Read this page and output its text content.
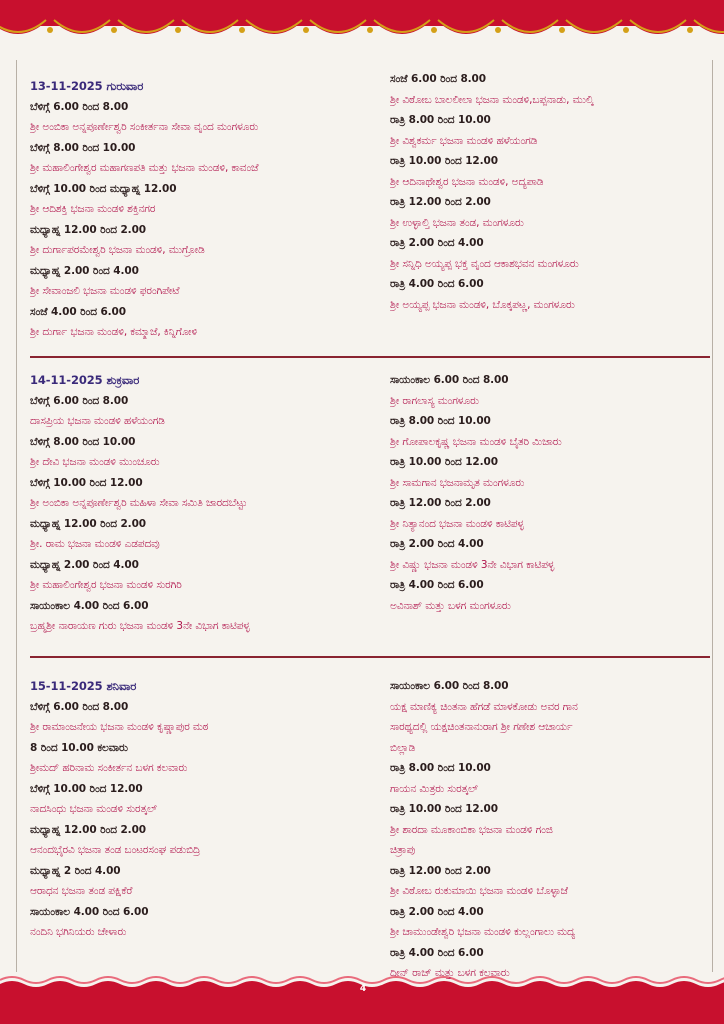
4
13-11-2025 ಗುರುವಾರ
ಬೆಳಿಗ್ಗೆ 6.00 ರಿಂದ 8.00
ಶ್ರೀ ಅಂಬಿಕಾ ಅನ್ನಪೂರ್ಣೇಶ್ವರಿ ಸಂಕೀರ್ತನಾ ಸೇವಾ ವೃಂದ ಮಂಗಳೂರು
ಬೆಳಿಗ್ಗೆ 8.00 ರಿಂದ 10.00
ಶ್ರೀ ಮಹಾಲಿಂಗೇಶ್ವರ ಮಹಾಗಣಪತಿ ಮತ್ತು ಭಜನಾ ಮಂಡಳಿ, ಕಾವಂಜೆ
ಬೆಳಿಗ್ಗೆ 10.00 ರಿಂದ ಮಧ್ಯಾಹ್ನ 12.00
ಶ್ರೀ ಆದಿಶಕ್ತಿ ಭಜನಾ ಮಂಡಳಿ ಶಕ್ತಿನಗರ
ಮಧ್ಯಾಹ್ನ 12.00 ರಿಂದ 2.00
ಶ್ರೀ ದುರ್ಗಾಪರಮೇಶ್ವರಿ ಭಜನಾ ಮಂಡಳಿ, ಮುಗ್ರೋಡಿ
ಮಧ್ಯಾಹ್ನ 2.00 ರಿಂದ 4.00
ಶ್ರೀ ಸೇವಾಂಜಲಿ ಭಜನಾ ಮಂಡಳಿ ಫರಂಗಿಪೇಟೆ
ಸಂಜೆ 4.00 ರಿಂದ 6.00
ಶ್ರೀ ದುರ್ಗಾ ಭಜನಾ ಮಂಡಳಿ, ಕಮ್ಮಾಜೆ, ಕಿನ್ನಿಗೋಳಿ
ಸಂಜೆ 6.00 ರಿಂದ 8.00
ಶ್ರೀ ವಿಠೋಬ ಬಾಲಲೀಲಾ ಭಜನಾ ಮಂಡಳಿ,ಬಪ್ಪನಾಡು, ಮುಲ್ಕಿ
ರಾತ್ರಿ 8.00 ರಿಂದ 10.00
ಶ್ರೀ ವಿಶ್ವಕರ್ಮ ಭಜನಾ ಮಂಡಳಿ ಹಳೆಯಂಗಡಿ
ರಾತ್ರಿ 10.00 ರಿಂದ 12.00
ಶ್ರೀ ಆದಿನಾಥೇಶ್ವರ ಭಜನಾ ಮಂಡಳಿ, ಅದ್ಯಪಾಡಿ
ರಾತ್ರಿ 12.00 ರಿಂದ 2.00
ಶ್ರೀ ಉಳ್ಳಾಲ್ತಿ ಭಜನಾ ತಂಡ, ಮಂಗಳೂರು
ರಾತ್ರಿ 2.00 ರಿಂದ 4.00
ಶ್ರೀ ಸನ್ನಿಧಿ ಅಯ್ಯಪ್ಪ ಭಕ್ತ ವೃಂದ ಆಕಾಶಭವನ ಮಂಗಳೂರು
ರಾತ್ರಿ 4.00 ರಿಂದ 6.00
ಶ್ರೀ ಅಯ್ಯಪ್ಪ ಭಜನಾ ಮಂಡಳಿ, ಬೊಕ್ಕಪಟ್ಣ, ಮಂಗಳೂರು
14-11-2025 ಶುಕ್ರವಾರ
ಬೆಳಿಗ್ಗೆ 6.00 ರಿಂದ 8.00
ದಾಸಪ್ರಿಯ ಭಜನಾ ಮಂಡಳಿ ಹಳೆಯಂಗಡಿ
ಬೆಳಿಗ್ಗೆ 8.00 ರಿಂದ 10.00
ಶ್ರೀ ದೇವಿ ಭಜನಾ ಮಂಡಳಿ ಮುಂಚೂರು
ಬೆಳಿಗ್ಗೆ 10.00 ರಿಂದ 12.00
ಶ್ರೀ ಅಂಬಿಕಾ ಅನ್ನಪೂರ್ಣೇಶ್ವರಿ ಮಹಿಳಾ ಸೇವಾ ಸಮಿತಿ ಜಾರದಬೆಟ್ಟು
ಮಧ್ಯಾಹ್ನ 12.00 ರಿಂದ 2.00
ಶ್ರೀ. ರಾಮ ಭಜನಾ ಮಂಡಳಿ ಎಡಪದವು
ಮಧ್ಯಾಹ್ನ 2.00 ರಿಂದ 4.00
ಶ್ರೀ ಮಹಾಲಿಂಗೇಶ್ವರ ಭಜನಾ ಮಂಡಳಿ ಸುರಗಿರಿ
ಸಾಯಂಕಾಲ 4.00 ರಿಂದ 6.00
ಬ್ರಹ್ಮಶ್ರೀ ನಾರಾಯಣ ಗುರು ಭಜನಾ ಮಂಡಳಿ 3ನೇ ವಿಭಾಗ ಕಾಟಿಪಳ್ಳ
ಸಾಯಂಕಾಲ 6.00 ರಿಂದ 8.00
ಶ್ರೀ ರಾಗಲಾಸ್ಯ ಮಂಗಳೂರು
ರಾತ್ರಿ 8.00 ರಿಂದ 10.00
ಶ್ರೀ ಗೋಪಾಲಕೃಷ್ಣ ಭಜನಾ ಮಂಡಳಿ ಬೈತರಿ ಮಿಜಾರು
ರಾತ್ರಿ 10.00 ರಿಂದ 12.00
ಶ್ರೀ ಸಾಮಗಾನ ಭಜನಾಮೃತ ಮಂಗಳೂರು
ರಾತ್ರಿ 12.00 ರಿಂದ 2.00
ಶ್ರೀ ನಿತ್ಯಾನಂದ ಭಜನಾ ಮಂಡಳಿ ಕಾಟಿಪಳ್ಳ
ರಾತ್ರಿ 2.00 ರಿಂದ 4.00
ಶ್ರೀ ವಿಷ್ಣು ಭಜನಾ ಮಂಡಳಿ 3ನೇ ವಿಭಾಗ ಕಾಟಿಪಳ್ಳ
ರಾತ್ರಿ 4.00 ರಿಂದ 6.00
ಅವಿನಾಶ್ ಮತ್ತು ಬಳಗ ಮಂಗಳೂರು
15-11-2025 ಶನಿವಾರ
ಬೆಳಿಗ್ಗೆ 6.00 ರಿಂದ 8.00
ಶ್ರೀ ರಾಮಾಂಜನೇಯ ಭಜನಾ ಮಂಡಳಿ ಕೃಷ್ಣಾಪುರ ಮಠ
8 ರಿಂದ 10.00 ಕಲವಾರು
ಶ್ರೀಮದ್ ಹರಿನಾಮ ಸಂಕೀರ್ತನ ಬಳಗ ಕಲವಾರು
ಬೆಳಿಗ್ಗೆ 10.00 ರಿಂದ 12.00
ನಾದಸಿಂಧು ಭಜನಾ ಮಂಡಳಿ ಸುರತ್ಕಲ್
ಮಧ್ಯಾಹ್ನ 12.00 ರಿಂದ 2.00
ಆನಂದಭೈರವಿ ಭಜನಾ ತಂಡ ಬಂಟರಸಂಘ ಪಡುಬಿದ್ರಿ
ಮಧ್ಯಾಹ್ನ 2 ರಿಂದ 4.00
ಆರಾಧನ ಭಜನಾ ತಂಡ ಪಕ್ಷಿಕೆರೆ
ಸಾಯಂಕಾಲ 4.00 ರಿಂದ 6.00
ನಂದಿನಿ ಭಗಿನಿಯರು ಚೇಳಾರು
ಸಾಯಂಕಾಲ 6.00 ರಿಂದ 8.00
ಯಕ್ಷ ಮಾಣಿಕ್ಯ ಚಿಂತನಾ ಹೆಗಡೆ ಮಾಳಕೋಡು ಅವರ ಗಾನ
ಸಾರಥ್ಯದಲ್ಲಿ ಯಕ್ಷಚಿಂತನಾನುರಾಗ ಶ್ರೀ ಗಣೇಶ ಆಚಾರ್ಯ
ಬಿಲ್ಲಾಡಿ
ರಾತ್ರಿ 8.00 ರಿಂದ 10.00
ಗಾಯನ ಮಿತ್ರರು ಸುರತ್ಕಲ್
ರಾತ್ರಿ 10.00 ರಿಂದ 12.00
ಶ್ರೀ ಶಾರದಾ ಮೂಕಾಂಬಿಕಾ ಭಜನಾ ಮಂಡಳಿ ಗಂಜಿ
ಚಿತ್ರಾಪು
ರಾತ್ರಿ 12.00 ರಿಂದ 2.00
ಶ್ರೀ ವಿಠೋಬ ರುಕುಮಾಯಿ ಭಜನಾ ಮಂಡಳಿ ಬೊಳ್ಳಾಜೆ
ರಾತ್ರಿ 2.00 ರಿಂದ 4.00
ಶ್ರೀ ಚಾಮುಂಡೇಶ್ವರಿ ಭಜನಾ ಮಂಡಳಿ ಕುಲ್ಲಂಗಾಲು ಮದ್ಯ
ರಾತ್ರಿ 4.00 ರಿಂದ 6.00
ದೀನ್ ರಾಜ್ ಮತ್ತು ಬಳಗ ಕಲವಾರು
